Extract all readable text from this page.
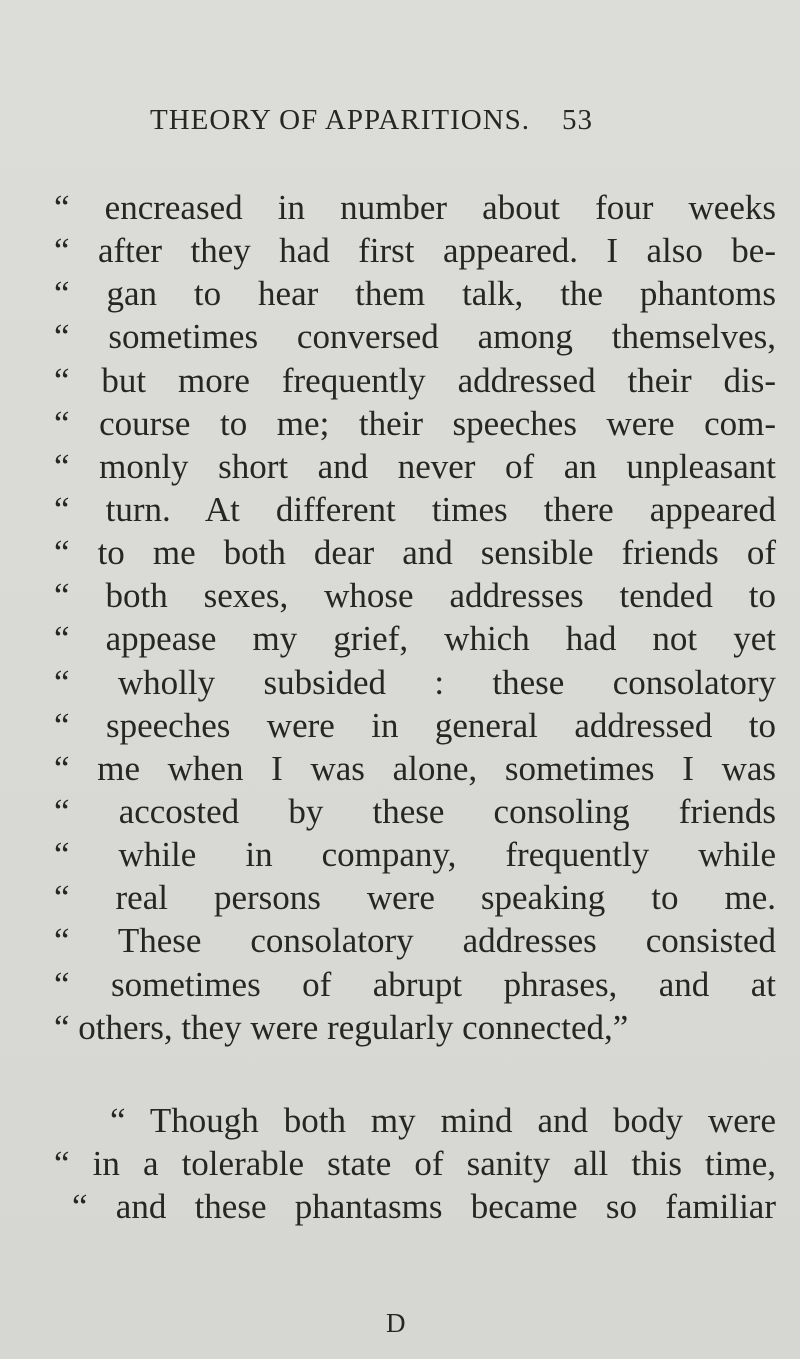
THEORY OF APPARITIONS. 53
“ encreased in number about four weeks
“ after they had first appeared. I also be-
“ gan to hear them talk, the phantoms
“ sometimes conversed among themselves,
“ but more frequently addressed their dis-
“ course to me; their speeches were com-
“ monly short and never of an unpleasant
“ turn. At different times there appeared
“ to me both dear and sensible friends of
“ both sexes, whose addresses tended to
“ appease my grief, which had not yet
“ wholly subsided : these consolatory
“ speeches were in general addressed to
“ me when I was alone, sometimes I was
“ accosted by these consoling friends
“ while in company, frequently while
“ real persons were speaking to me.
“ These consolatory addresses consisted
“ sometimes of abrupt phrases, and at
“ others, they were regularly connected,”
“ Though both my mind and body were
“ in a tolerable state of sanity all this time,
“ and these phantasms became so familiar
D
